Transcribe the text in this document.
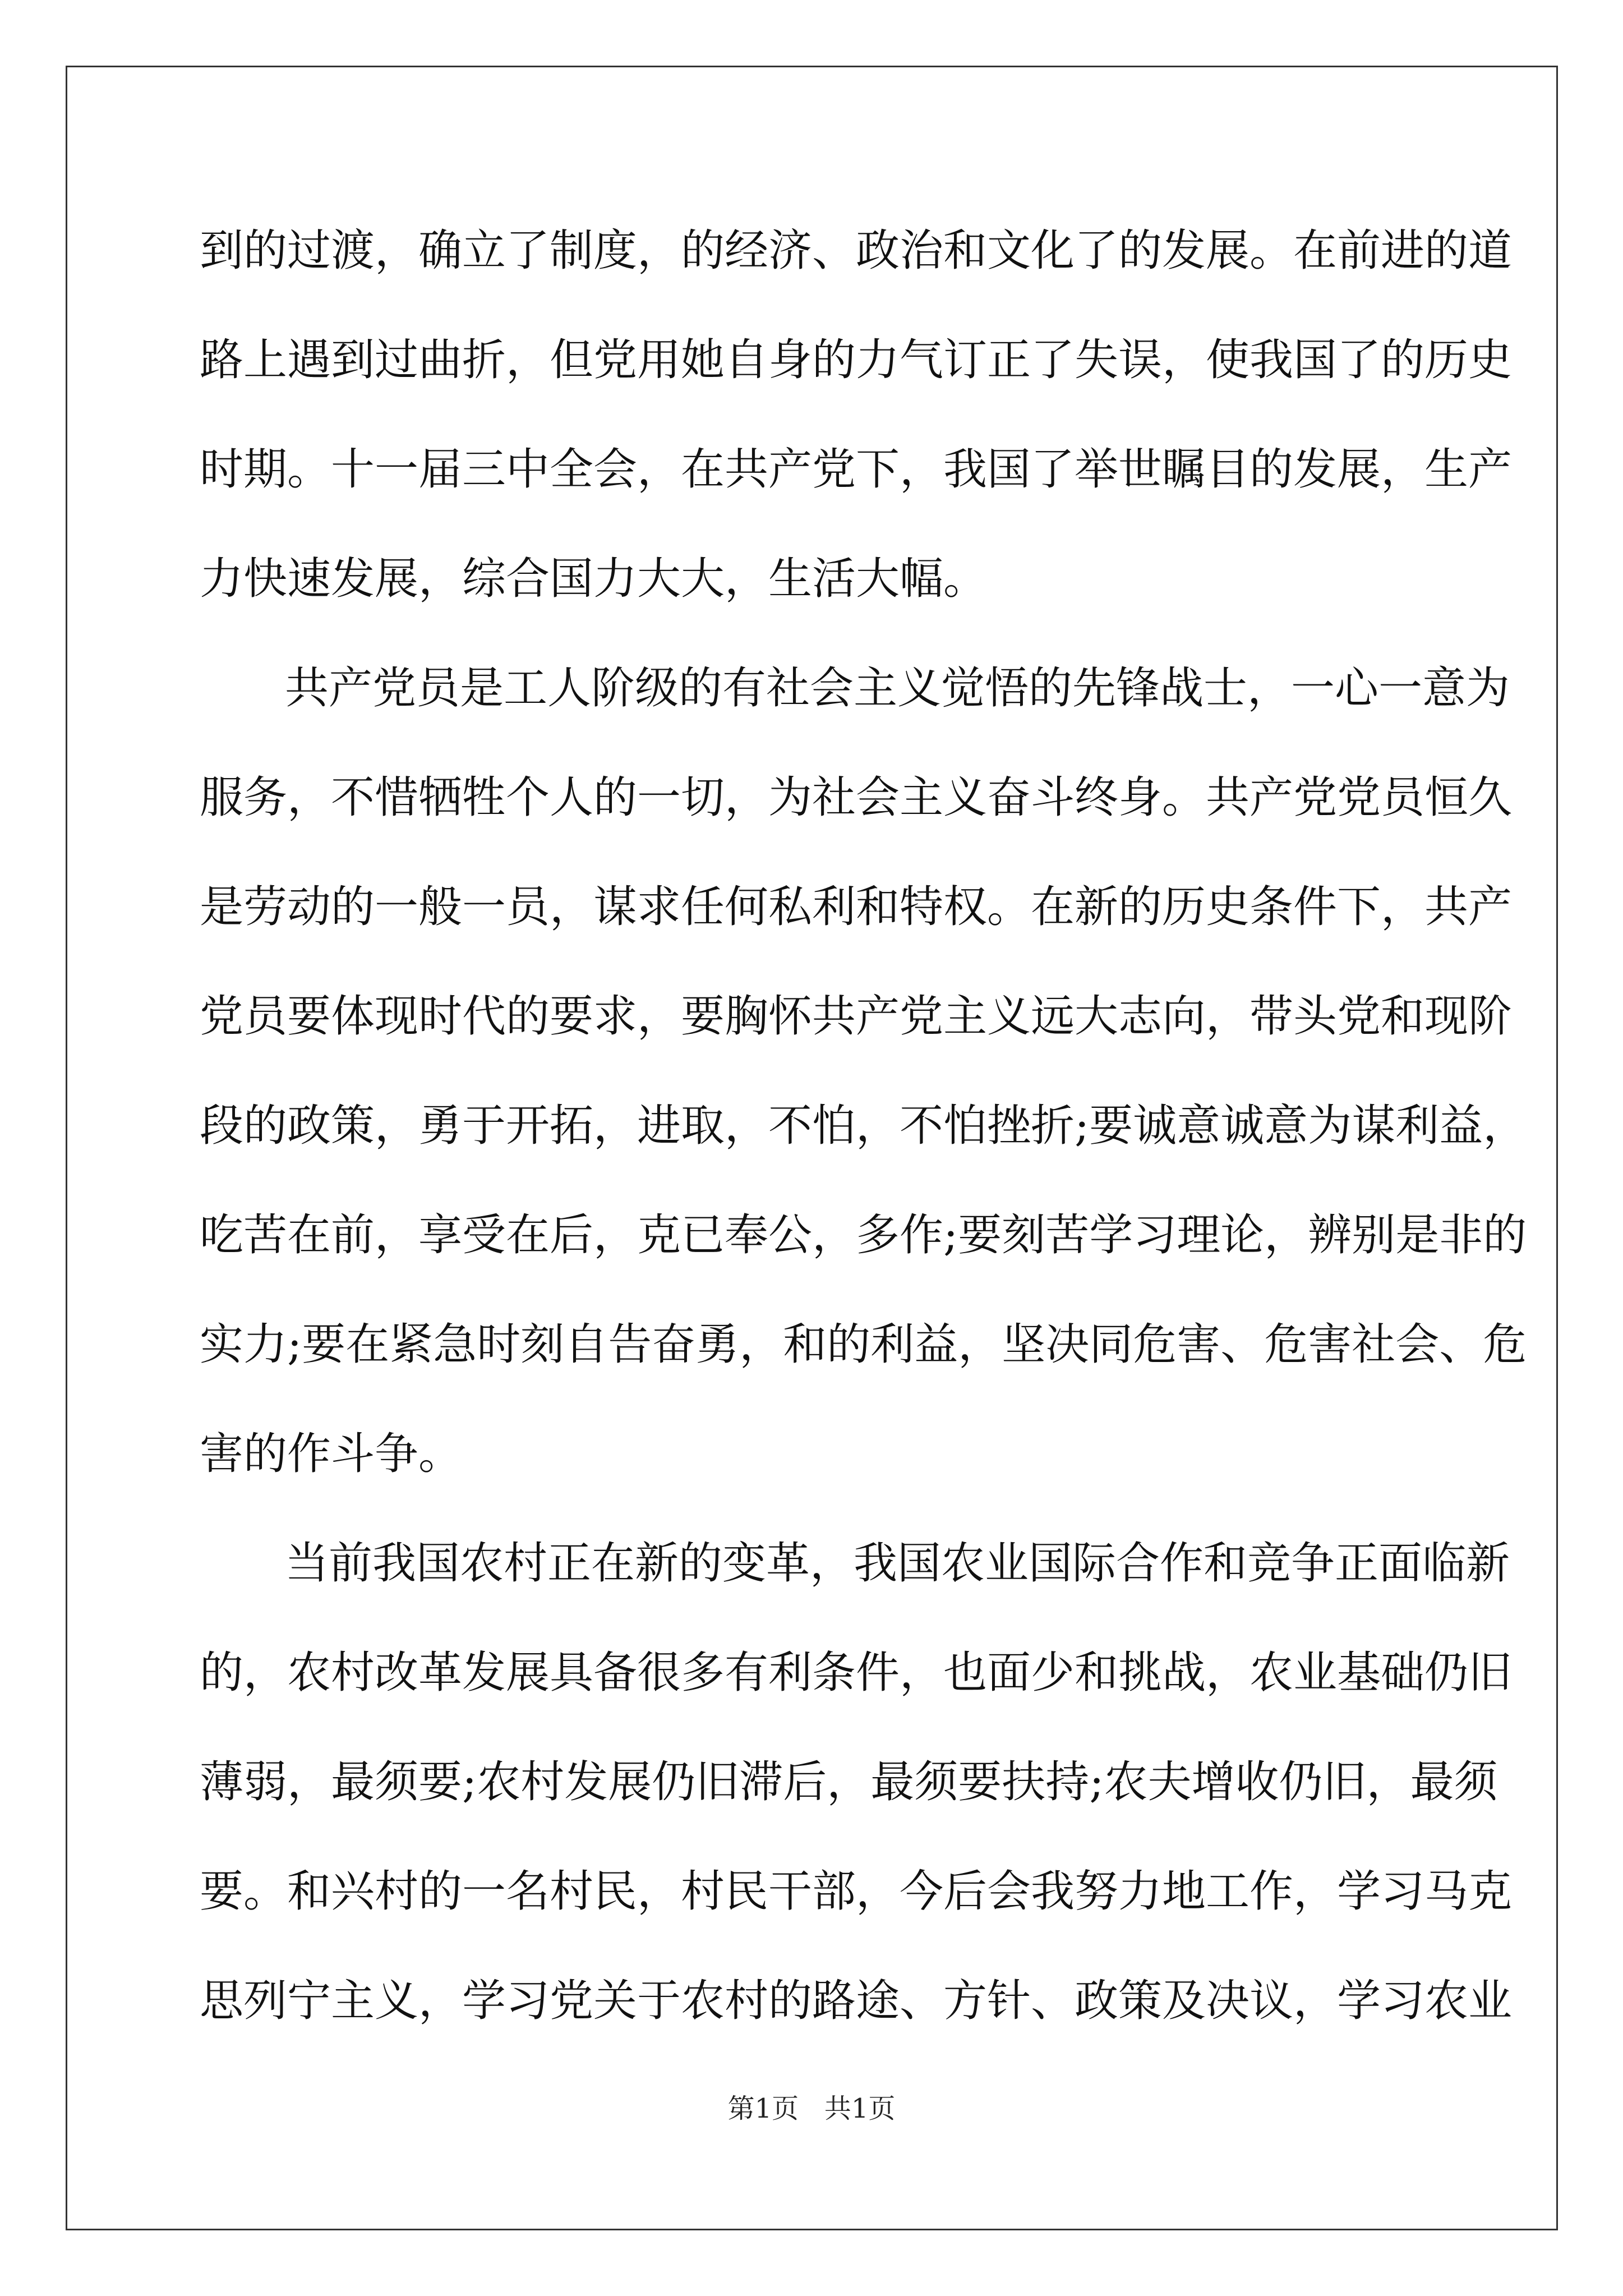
到的过渡，确立了制度，的经济、政治和文化了的发展。在前进的道
路上遇到过曲折，但党用她自身的力气订正了失误，使我国了的历史
时期。十一届三中全会，在共产党下，我国了举世瞩目的发展，生产
力快速发展，综合国力大大，生活大幅。
共产党员是工人阶级的有社会主义觉悟的先锋战士，一心一意为
服务，不惜牺牲个人的一切，为社会主义奋斗终身。共产党党员恒久
是劳动的一般一员，谋求任何私利和特权。在新的历史条件下，共产
党员要体现时代的要求，要胸怀共产党主义远大志向，带头党和现阶
段的政策，勇于开拓，进取，不怕，不怕挫折;要诚意诚意为谋利益，
吃苦在前，享受在后，克已奉公，多作;要刻苦学习理论，辨别是非的
实力;要在紧急时刻自告奋勇，和的利益，坚决同危害、危害社会、危
害的作斗争。
当前我国农村正在新的变革，我国农业国际合作和竞争正面临新
的，农村改革发展具备很多有利条件，也面少和挑战，农业基础仍旧
薄弱，最须要;农村发展仍旧滞后，最须要扶持;农夫增收仍旧，最须
要。和兴村的一名村民，村民干部，今后会我努力地工作，学习马克
思列宁主义，学习党关于农村的路途、方针、政策及决议，学习农业
第1页   共1页
